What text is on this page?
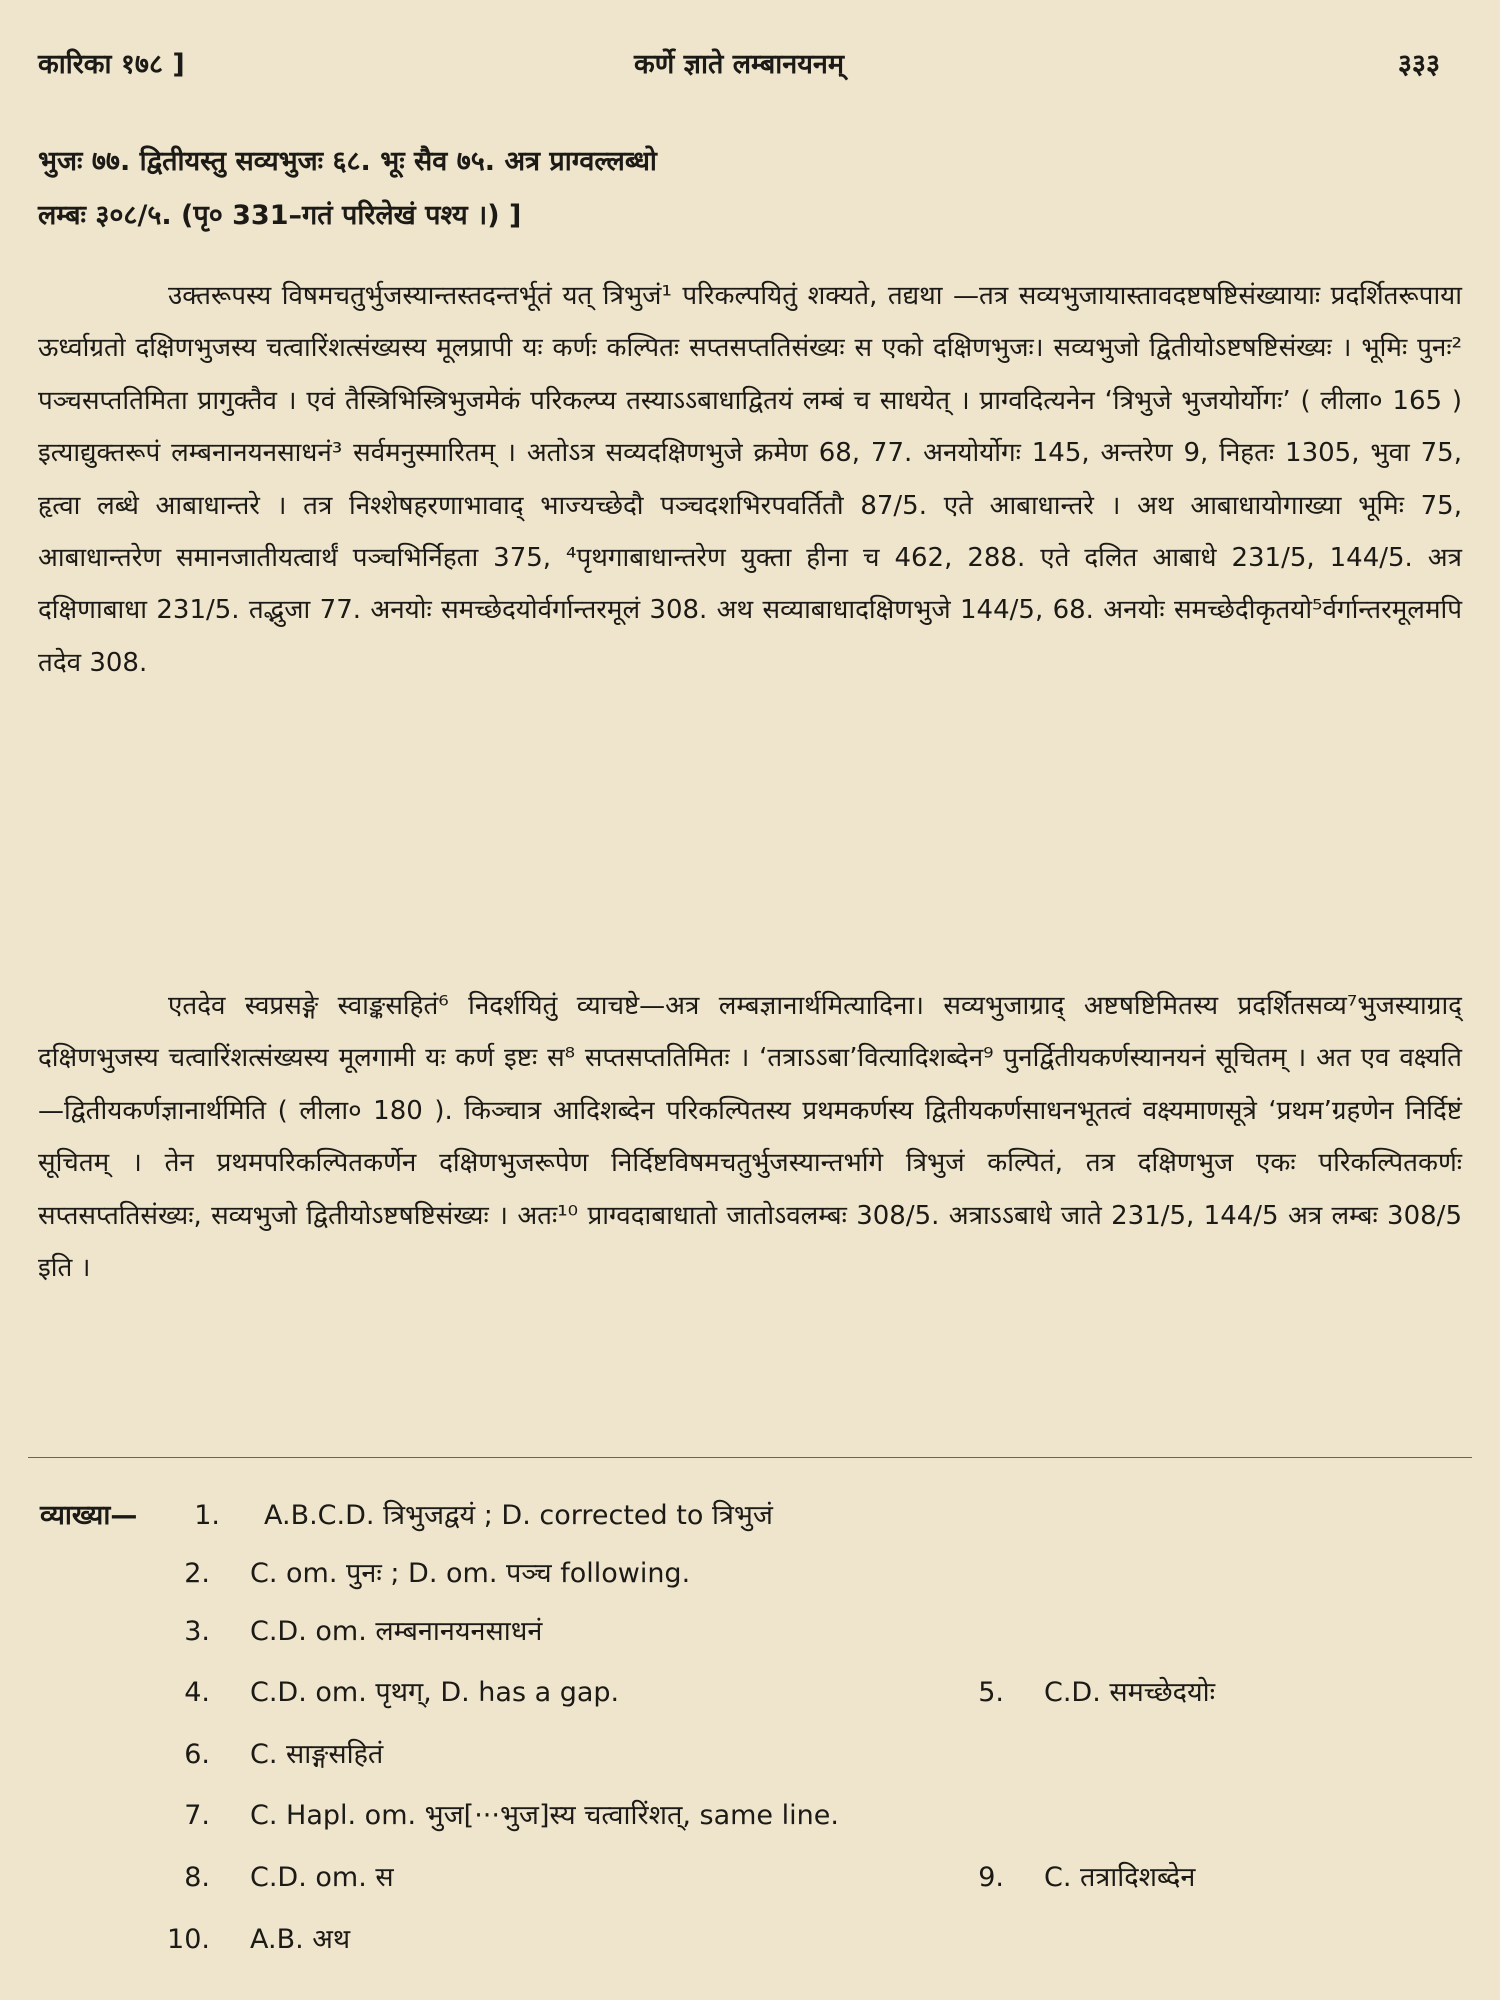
कारिका १७८ ]	कर्णे ज्ञाते लम्बानयनम्	३३३
भुजः ७७. द्वितीयस्तु सव्यभुजः ६८. भूः सैव ७५. अत्र प्राग्वल्लब्धो
लम्बः ३०८/५. (पृ० 331–गतं परिलेखं पश्य ।) ]

उक्तरूपस्य विषमचतुर्भुजस्यान्तस्तदन्तर्भूतं यत् त्रिभुजं¹ परिकल्पयितुं शक्यते, तद्यथा —तत्र सव्यभुजायास्तावदष्टषष्टिसंख्यायाः प्रदर्शितरूपाया ऊर्ध्वाग्रतो दक्षिणभुजस्य चत्वारिंशत्संख्यस्य मूलप्रापी यः कर्णः कल्पितः सप्तसप्ततिसंख्यः स एको दक्षिणभुजः। सव्यभुजो द्वितीयोऽष्टषष्टिसंख्यः । भूमिः पुनः² पञ्चसप्ततिमिता प्रागुक्तैव । एवं तैस्त्रिभिस्त्रिभुजमेकं परिकल्प्य तस्याऽऽबाधाद्वितयं लम्बं च साधयेत् । प्राग्वदित्यनेन ‘त्रिभुजे भुजयोर्योगः’ ( लीला० 165 ) इत्याद्युक्तरूपं लम्बनानयनसाधनं³ सर्वमनुस्मारितम् । अतोऽत्र सव्यदक्षिणभुजे क्रमेण 68, 77. अनयोर्योगः 145, अन्तरेण 9, निहतः 1305, भुवा 75, हृत्वा लब्धे आबाधान्तरे । तत्र निश्शेषहरणाभावाद् भाज्यच्छेदौ पञ्चदशभिरपवर्तितौ 87/5. एते आबाधान्तरे । अथ आबाधायोगाख्या भूमिः 75, आबाधान्तरेण समानजातीयत्वार्थं पञ्चभिर्निहता 375, ⁴पृथगाबाधान्तरेण युक्ता हीना च 462, 288. एते दलित आबाधे 231/5, 144/5. अत्र दक्षिणाबाधा 231/5. तद्भुजा 77. अनयोः समच्छेदयोर्वर्गान्तरमूलं 308. अथ सव्याबाधादक्षिणभुजे 144/5, 68. अनयोः समच्छेदीकृतयो⁵र्वर्गान्तरमूलमपि तदेव 308.

एतदेव स्वप्रसङ्गे स्वाङ्कसहितं⁶ निदर्शयितुं व्याचष्टे—अत्र लम्बज्ञानार्थमित्यादिना। सव्यभुजाग्राद् अष्टषष्टिमितस्य प्रदर्शितसव्य⁷भुजस्याग्राद् दक्षिणभुजस्य चत्वारिंशत्संख्यस्य मूलगामी यः कर्ण इष्टः स⁸ सप्तसप्ततिमितः । ‘तत्राऽऽबा’वित्यादिशब्देन⁹ पुनर्द्वितीयकर्णस्यानयनं सूचितम् । अत एव वक्ष्यति—द्वितीयकर्णज्ञानार्थमिति ( लीला० 180 ). किञ्चात्र आदिशब्देन परिकल्पितस्य प्रथमकर्णस्य द्वितीयकर्णसाधनभूतत्वं वक्ष्यमाणसूत्रे ‘प्रथम’ग्रहणेन निर्दिष्टं सूचितम् । तेन प्रथमपरिकल्पितकर्णेन दक्षिणभुजरूपेण निर्दिष्टविषमचतुर्भुजस्यान्तर्भागे त्रिभुजं कल्पितं, तत्र दक्षिणभुज एकः परिकल्पितकर्णः सप्तसप्ततिसंख्यः, सव्यभुजो द्वितीयोऽष्टषष्टिसंख्यः । अतः¹⁰ प्राग्वदाबाधातो जातोऽवलम्बः 308/5. अत्राऽऽबाधे जाते 231/5, 144/5 अत्र लम्बः 308/5 इति ।

व्याख्या— 1. A.B.C.D. त्रिभुजद्वयं ; D. corrected to त्रिभुजं
2. C. om. पुनः ; D. om. पञ्च following.
3. C.D. om. लम्बनानयनसाधनं
4. C.D. om. पृथग्, D. has a gap.	5. C.D. समच्छेदयोः
6. C. साङ्गसहितं
7. C. Hapl. om. भुज[···भुज]स्य चत्वारिंशत्, same line.
8. C.D. om. स	9. C. तत्रादिशब्देन
10. A.B. अथ
